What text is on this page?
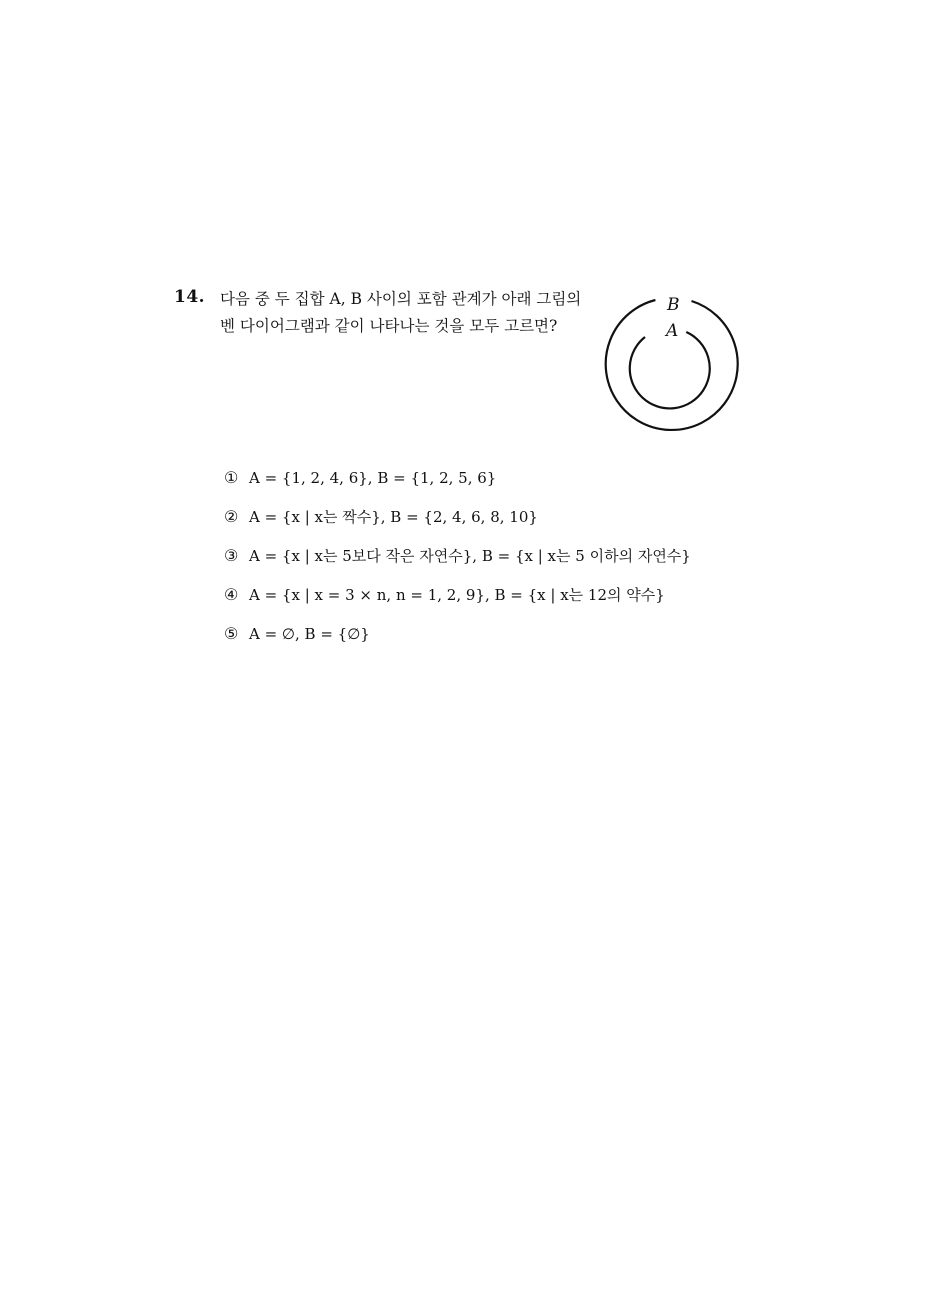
14. 다음 중 두 집합 A, B 사이의 포함 관계가 아래 그림의
벤 다이어그램과 같이 나타나는 것을 모두 고르면?
B
A
① A = {1, 2, 4, 6}, B = {1, 2, 5, 6}
② A = {x | x는 짝수}, B = {2, 4, 6, 8, 10}
③ A = {x | x는 5보다 작은 자연수}, B = {x | x는 5 이하의 자연수}
④ A = {x | x = 3 × n, n = 1, 2, 9}, B = {x | x는 12의 약수}
⑤ A = ∅, B = {∅}
